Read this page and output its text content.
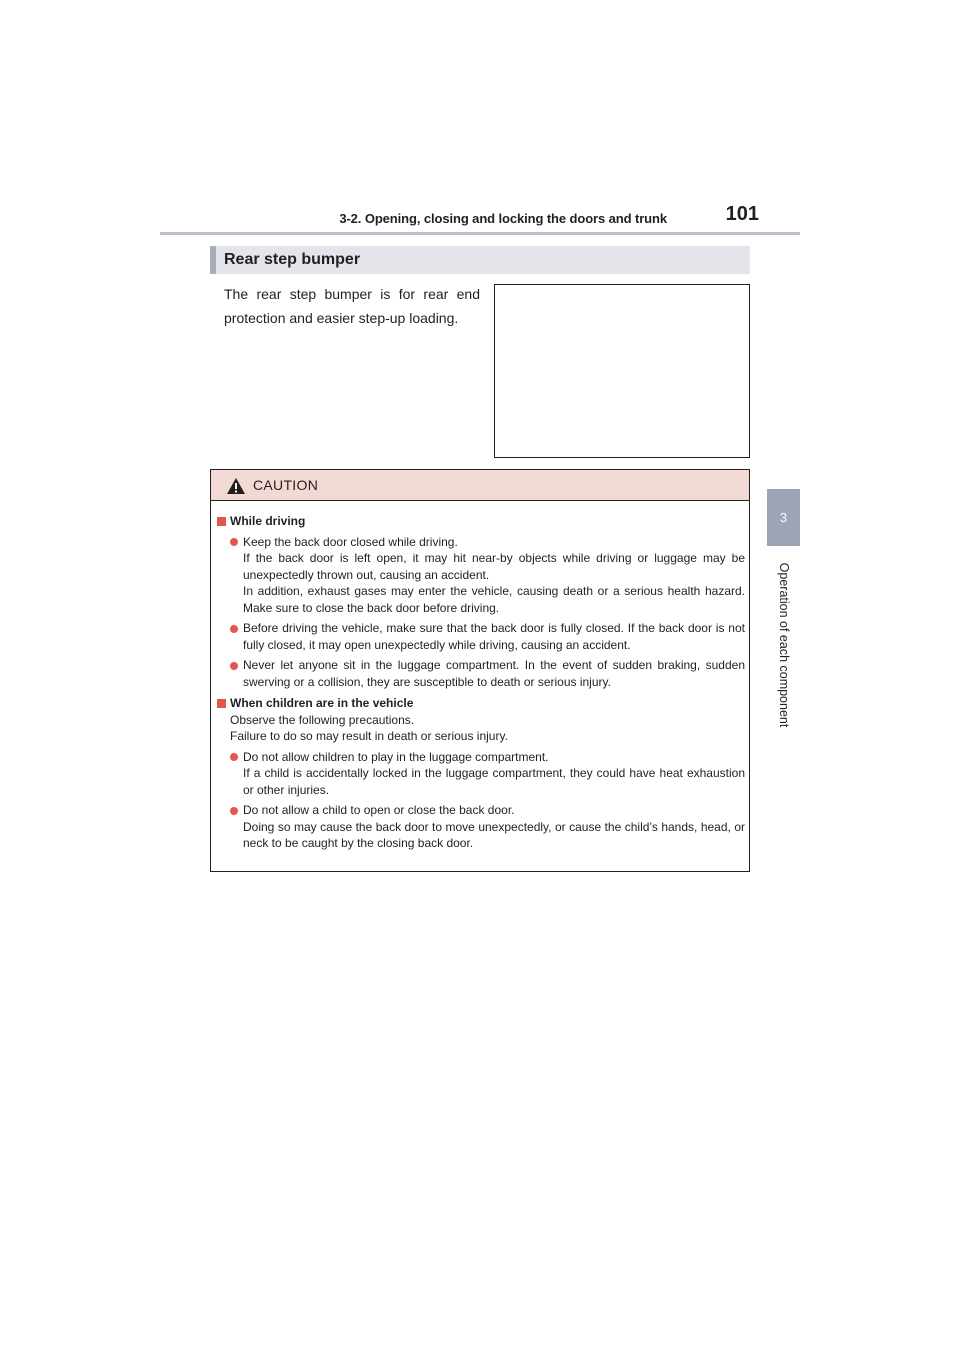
3-2. Opening, closing and locking the doors and trunk	101
3
Operation of each component
Rear step bumper
The rear step bumper is for rear end protection and easier step-up loading.
CAUTION
While driving
Keep the back door closed while driving.
If the back door is left open, it may hit near-by objects while driving or luggage may be unexpectedly thrown out, causing an accident.
In addition, exhaust gases may enter the vehicle, causing death or a serious health hazard. Make sure to close the back door before driving.
Before driving the vehicle, make sure that the back door is fully closed. If the back door is not fully closed, it may open unexpectedly while driving, causing an accident.
Never let anyone sit in the luggage compartment. In the event of sudden braking, sudden swerving or a collision, they are susceptible to death or serious injury.
When children are in the vehicle
Observe the following precautions.
Failure to do so may result in death or serious injury.
Do not allow children to play in the luggage compartment.
If a child is accidentally locked in the luggage compartment, they could have heat exhaustion or other injuries.
Do not allow a child to open or close the back door.
Doing so may cause the back door to move unexpectedly, or cause the child’s hands, head, or neck to be caught by the closing back door.
